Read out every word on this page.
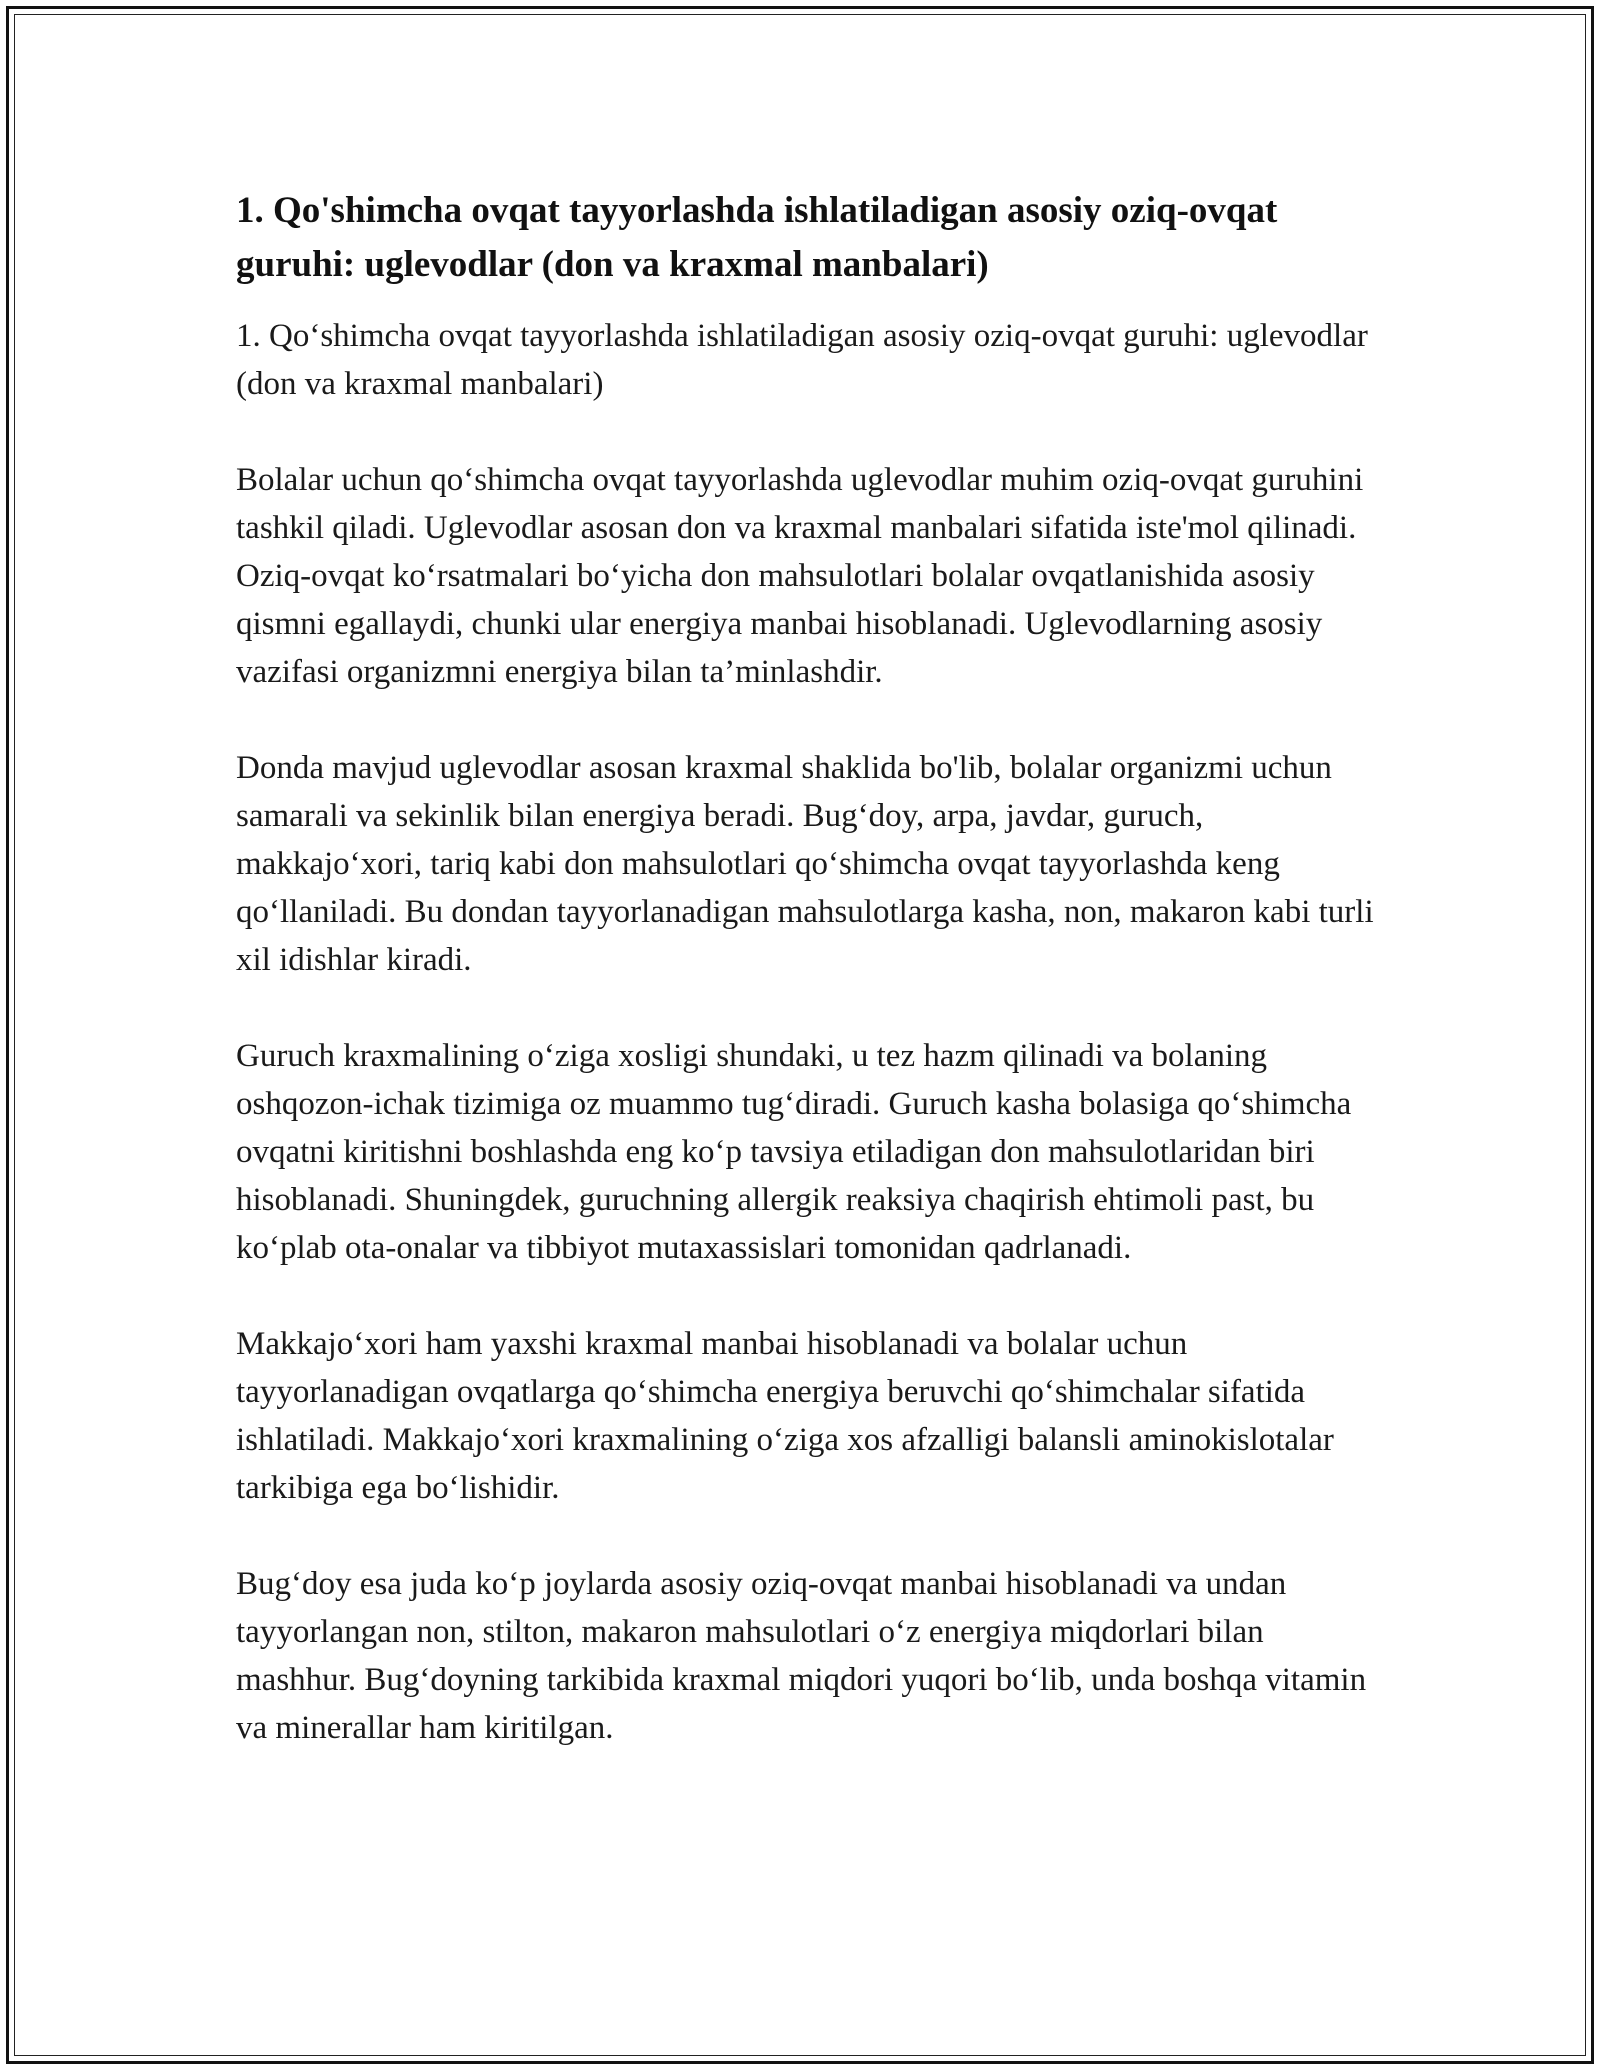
1. Qo'shimcha ovqat tayyorlashda ishlatiladigan asosiy oziq-ovqat guruhi: uglevodlar (don va kraxmal manbalari)

1. Qo‘shimcha ovqat tayyorlashda ishlatiladigan asosiy oziq-ovqat guruhi: uglevodlar (don va kraxmal manbalari)

Bolalar uchun qo‘shimcha ovqat tayyorlashda uglevodlar muhim oziq-ovqat guruhini tashkil qiladi. Uglevodlar asosan don va kraxmal manbalari sifatida iste'mol qilinadi. Oziq-ovqat ko‘rsatmalari bo‘yicha don mahsulotlari bolalar ovqatlanishida asosiy qismni egallaydi, chunki ular energiya manbai hisoblanadi. Uglevodlarning asosiy vazifasi organizmni energiya bilan ta’minlashdir.

Donda mavjud uglevodlar asosan kraxmal shaklida bo'lib, bolalar organizmi uchun samarali va sekinlik bilan energiya beradi. Bug‘doy, arpa, javdar, guruch, makkajo‘xori, tariq kabi don mahsulotlari qo‘shimcha ovqat tayyorlashda keng qo‘llaniladi. Bu dondan tayyorlanadigan mahsulotlarga kasha, non, makaron kabi turli xil idishlar kiradi.

Guruch kraxmalining o‘ziga xosligi shundaki, u tez hazm qilinadi va bolaning oshqozon-ichak tizimiga oz muammo tug‘diradi. Guruch kasha bolasiga qo‘shimcha ovqatni kiritishni boshlashda eng ko‘p tavsiya etiladigan don mahsulotlaridan biri hisoblanadi. Shuningdek, guruchning allergik reaksiya chaqirish ehtimoli past, bu ko‘plab ota-onalar va tibbiyot mutaxassislari tomonidan qadrlanadi.

Makkajo‘xori ham yaxshi kraxmal manbai hisoblanadi va bolalar uchun tayyorlanadigan ovqatlarga qo‘shimcha energiya beruvchi qo‘shimchalar sifatida ishlatiladi. Makkajo‘xori kraxmalining o‘ziga xos afzalligi balansli aminokislotalar tarkibiga ega bo‘lishidir.

Bug‘doy esa juda ko‘p joylarda asosiy oziq-ovqat manbai hisoblanadi va undan tayyorlangan non, stilton, makaron mahsulotlari o‘z energiya miqdorlari bilan mashhur. Bug‘doyning tarkibida kraxmal miqdori yuqori bo‘lib, unda boshqa vitamin va minerallar ham kiritilgan.
